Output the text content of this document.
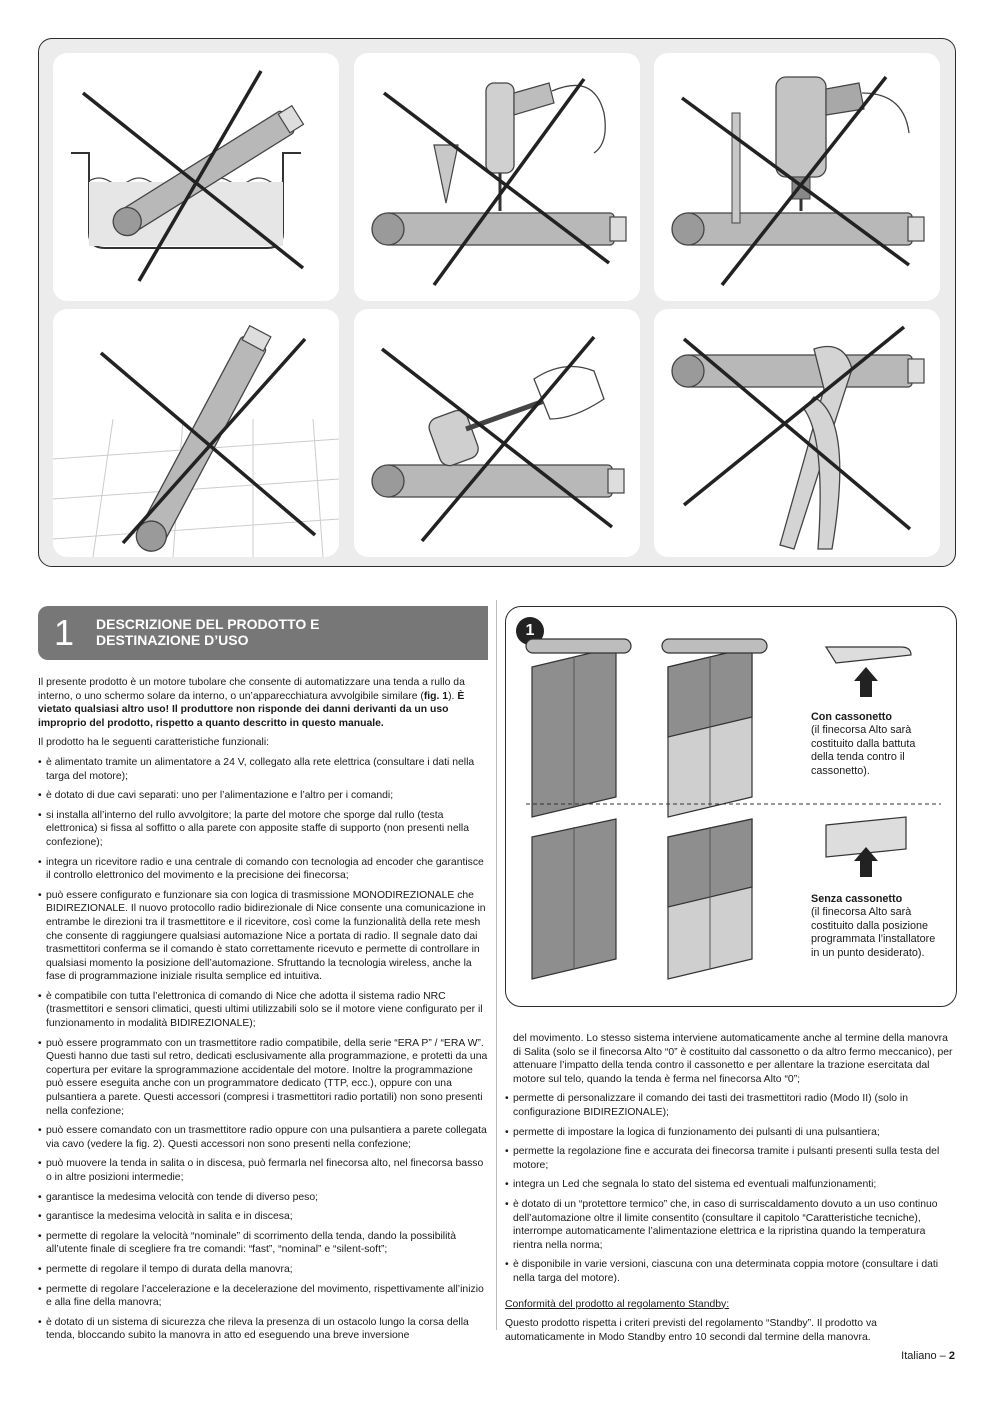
1 DESCRIZIONE DEL PRODOTTO E
DESTINAZIONE D’USO

Il presente prodotto è un motore tubolare che consente di automatizzare una tenda a rullo da interno, o uno schermo solare da interno, o un’apparecchiatura avvolgibile similare (fig. 1). È vietato qualsiasi altro uso! Il produttore non risponde dei danni derivanti da un uso improprio del prodotto, rispetto a quanto descritto in questo manuale.

Il prodotto ha le seguenti caratteristiche funzionali:

• è alimentato tramite un alimentatore a 24 V, collegato alla rete elettrica (consultare i dati nella targa del motore);

• è dotato di due cavi separati: uno per l’alimentazione e l’altro per i comandi;

• si installa all’interno del rullo avvolgitore; la parte del motore che sporge dal rullo (testa elettronica) si fissa al soffitto o alla parete con apposite staffe di supporto (non presenti nella confezione);

• integra un ricevitore radio e una centrale di comando con tecnologia ad encoder che garantisce il controllo elettronico del movimento e la precisione dei finecorsa;

• può essere configurato e funzionare sia con logica di trasmissione MONODIREZIONALE che BIDIREZIONALE. Il nuovo protocollo radio bidirezionale di Nice consente una comunicazione in entrambe le direzioni tra il trasmettitore e il ricevitore, così come la funzionalità della rete mesh che consente di raggiungere qualsiasi automazione Nice a portata di radio. Il segnale dato dai trasmettitori conferma se il comando è stato correttamente ricevuto e permette di controllare in qualsiasi momento la posizione dell’automazione. Sfruttando la tecnologia wireless, anche la fase di programmazione iniziale risulta semplice ed intuitiva.

• è compatibile con tutta l’elettronica di comando di Nice che adotta il sistema radio NRC (trasmettitori e sensori climatici, questi ultimi utilizzabili solo se il motore viene configurato per il funzionamento in modalità BIDIREZIONALE);

• può essere programmato con un trasmettitore radio compatibile, della serie “ERA P” / “ERA W”. Questi hanno due tasti sul retro, dedicati esclusivamente alla programmazione, e protetti da una copertura per evitare la sprogrammazione accidentale del motore. Inoltre la programmazione può essere eseguita anche con un programmatore dedicato (TTP, ecc.), oppure con una pulsantiera a parete. Questi accessori (compresi i trasmettitori radio portatili) non sono presenti nella confezione;

• può essere comandato con un trasmettitore radio oppure con una pulsantiera a parete collegata via cavo (vedere la fig. 2). Questi accessori non sono presenti nella confezione;

• può muovere la tenda in salita o in discesa, può fermarla nel finecorsa alto, nel finecorsa basso o in altre posizioni intermedie;

• garantisce la medesima velocità con tende di diverso peso;

• garantisce la medesima velocità in salita e in discesa;

• permette di regolare la velocità “nominale” di scorrimento della tenda, dando la possibilità all’utente finale di scegliere fra tre comandi: “fast”, “nominal” e “silent-soft”;

• permette di regolare il tempo di durata della manovra;

• permette di regolare l’accelerazione e la decelerazione del movimento, rispettivamente all’inizio e alla fine della manovra;

• è dotato di un sistema di sicurezza che rileva la presenza di un ostacolo lungo la corsa della tenda, bloccando subito la manovra in atto ed eseguendo una breve inversione

1
Con cassonetto
(il finecorsa Alto sarà costituito dalla battuta della tenda contro il cassonetto).
Senza cassonetto
(il finecorsa Alto sarà costituito dalla posizione programmata l’installatore in un punto desiderato).

del movimento. Lo stesso sistema interviene automaticamente anche al termine della manovra di Salita (solo se il finecorsa Alto “0” è costituito dal cassonetto o da altro fermo meccanico), per attenuare l’impatto della tenda contro il cassonetto e per allentare la trazione esercitata dal motore sul telo, quando la tenda è ferma nel finecorsa Alto “0”;

• permette di personalizzare il comando dei tasti dei trasmettitori radio (Modo II) (solo in configurazione BIDIREZIONALE);

• permette di impostare la logica di funzionamento dei pulsanti di una pulsantiera;

• permette la regolazione fine e accurata dei finecorsa tramite i pulsanti presenti sulla testa del motore;

• integra un Led che segnala lo stato del sistema ed eventuali malfunzionamenti;

• è dotato di un “protettore termico” che, in caso di surriscaldamento dovuto a un uso continuo dell’automazione oltre il limite consentito (consultare il capitolo “Caratteristiche tecniche), interrompe automaticamente l’alimentazione elettrica e la ripristina quando la temperatura rientra nella norma;

• è disponibile in varie versioni, ciascuna con una determinata coppia motore (consultare i dati nella targa del motore).

Conformità del prodotto al regolamento Standby:

Questo prodotto rispetta i criteri previsti del regolamento “Standby”. Il prodotto va automaticamente in Modo Standby entro 10 secondi dal termine della manovra.

Italiano – 2
